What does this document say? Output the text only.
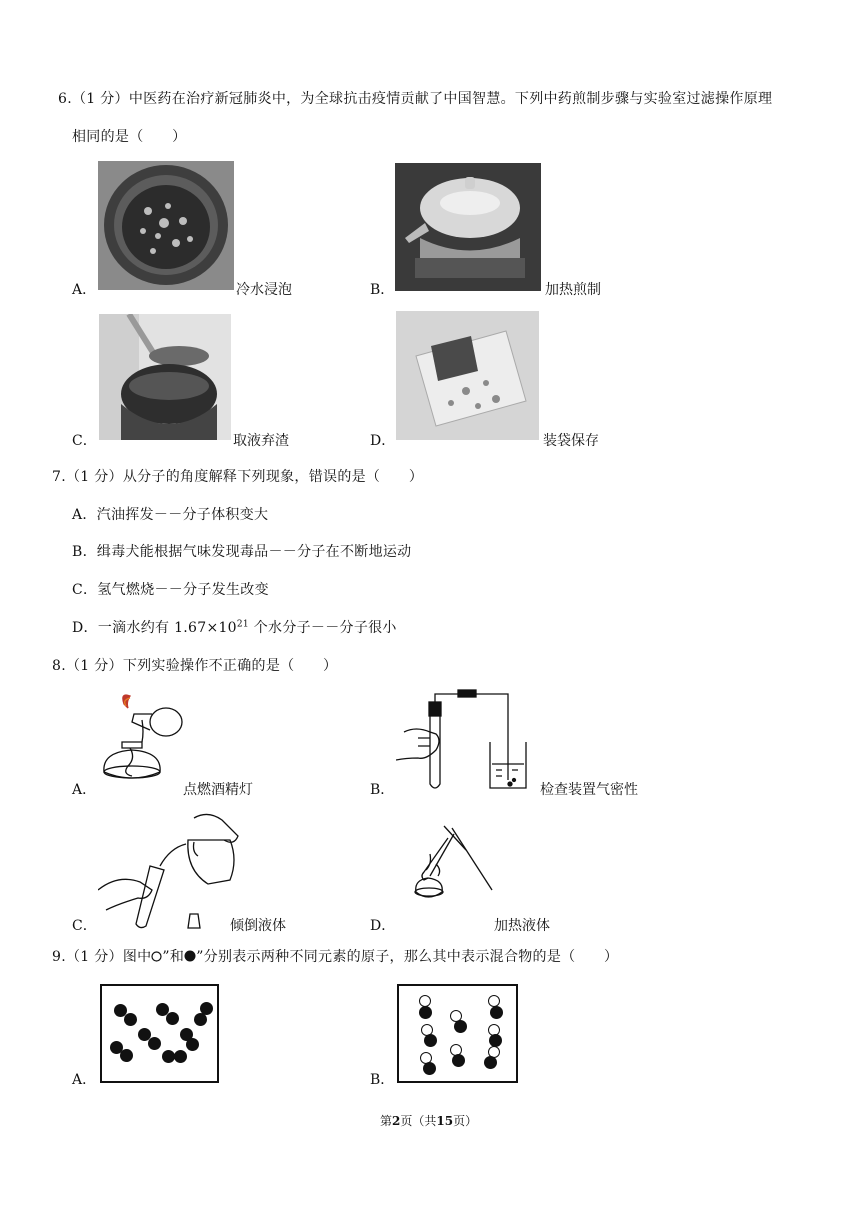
6.（1 分）中医药在治疗新冠肺炎中，为全球抗击疫情贡献了中国智慧。下列中药煎制步骤与实验室过滤操作原理
相同的是（　　）
A．	冷水浸泡	B．	加热煎制
C．	取液弃渣	D．	装袋保存
7.（1 分）从分子的角度解释下列现象，错误的是（　　）
A．汽油挥发－－分子体积变大
B．缉毒犬能根据气味发现毒品－－分子在不断地运动
C．氢气燃烧－－分子发生改变
D．一滴水约有 $1.67\times 10^{21}$ 个水分子－－分子很小
8.（1 分）下列实验操作不正确的是（　　）
A．	点燃酒精灯	B．	检查装置气密性
C．	倾倒液体	D．	加热液体
9.（1 分）图中 ”和 ”分别表示两种不同元素的原子，那么其中表示混合物的是（　　）
A．	B．
第2页（共15页）
